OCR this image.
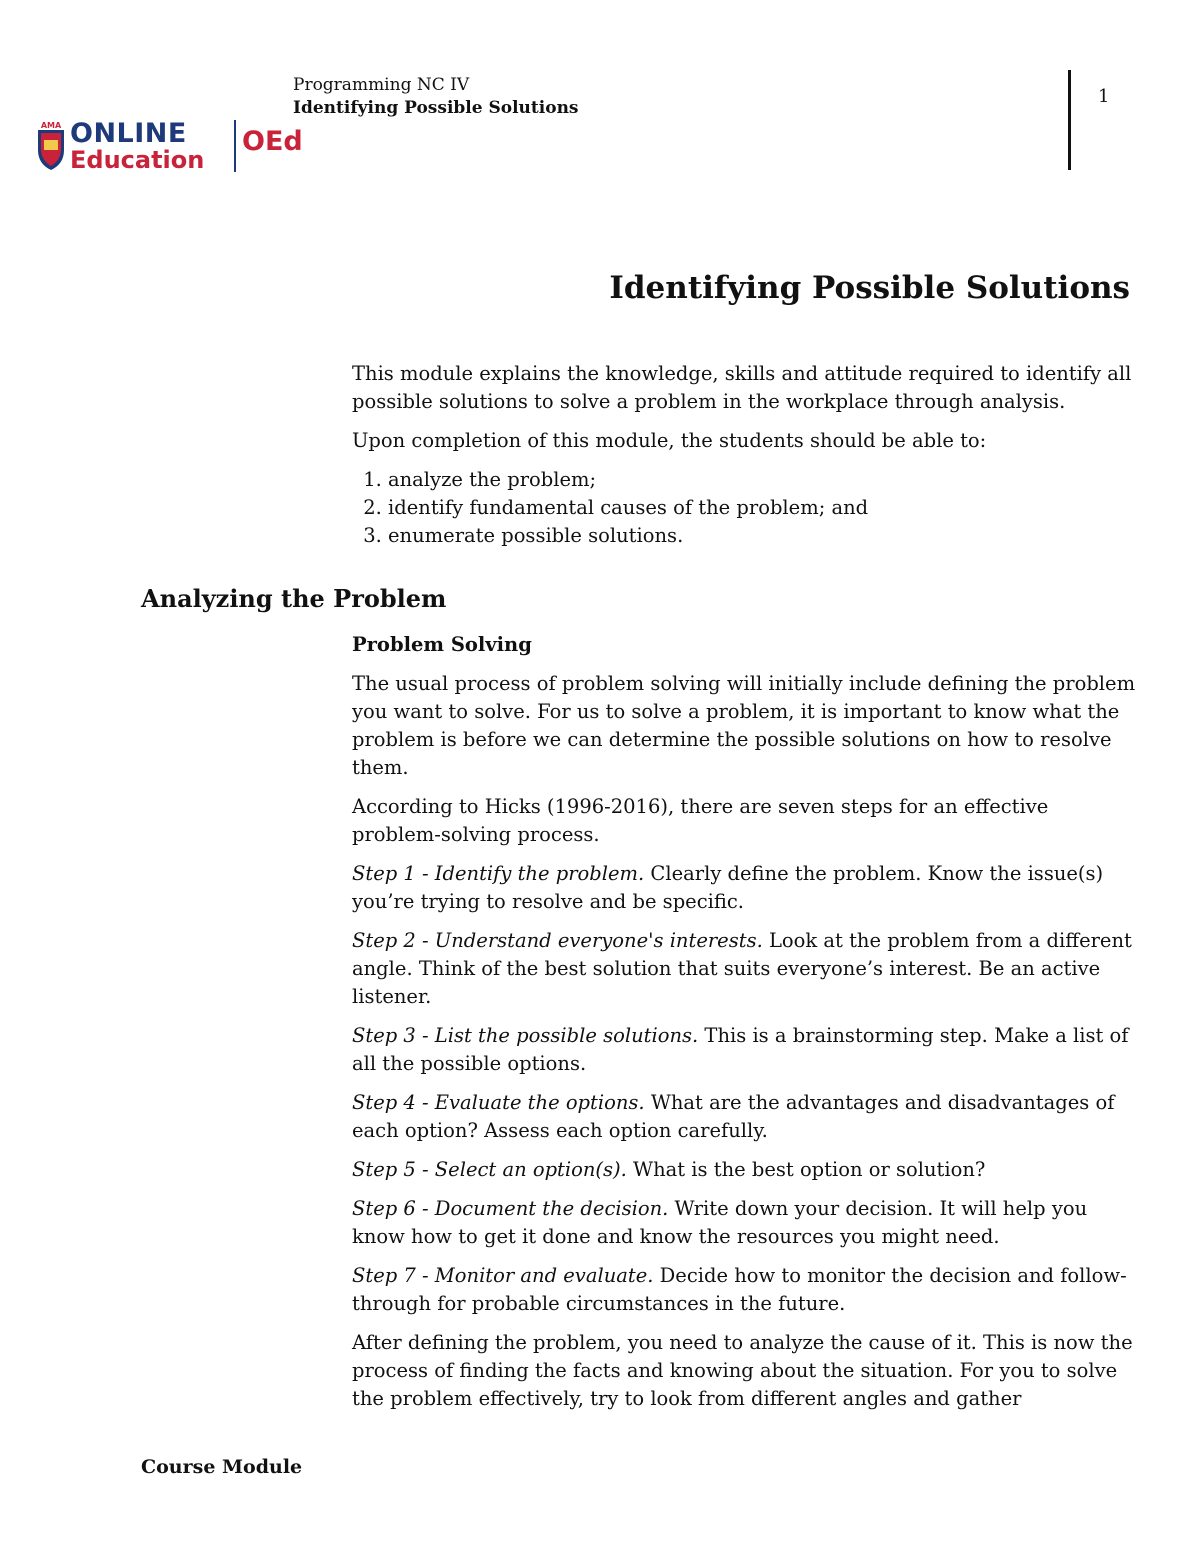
AMA ONLINE
Education
OEd
Programming NC IV
Identifying Possible Solutions
1
Identifying Possible Solutions
Analyzing the Problem

This module explains the knowledge, skills and attitude required to identify all possible solutions to solve a problem in the workplace through analysis.

Upon completion of this module, the students should be able to:

1. analyze the problem;
2. identify fundamental causes of the problem; and
3. enumerate possible solutions.

Problem Solving

The usual process of problem solving will initially include defining the problem you want to solve. For us to solve a problem, it is important to know what the problem is before we can determine the possible solutions on how to resolve them.

According to Hicks (1996-2016), there are seven steps for an effective problem-solving process.

Step 1 - Identify the problem. Clearly define the problem. Know the issue(s) you’re trying to resolve and be specific.

Step 2 - Understand everyone's interests. Look at the problem from a different angle. Think of the best solution that suits everyone’s interest. Be an active listener.

Step 3 - List the possible solutions. This is a brainstorming step. Make a list of all the possible options.

Step 4 - Evaluate the options. What are the advantages and disadvantages of each option? Assess each option carefully.

Step 5 - Select an option(s). What is the best option or solution?

Step 6 - Document the decision. Write down your decision. It will help you know how to get it done and know the resources you might need.

Step 7 - Monitor and evaluate. Decide how to monitor the decision and follow-through for probable circumstances in the future.

After defining the problem, you need to analyze the cause of it. This is now the process of finding the facts and knowing about the situation. For you to solve the problem effectively, try to look from different angles and gather

Course Module
